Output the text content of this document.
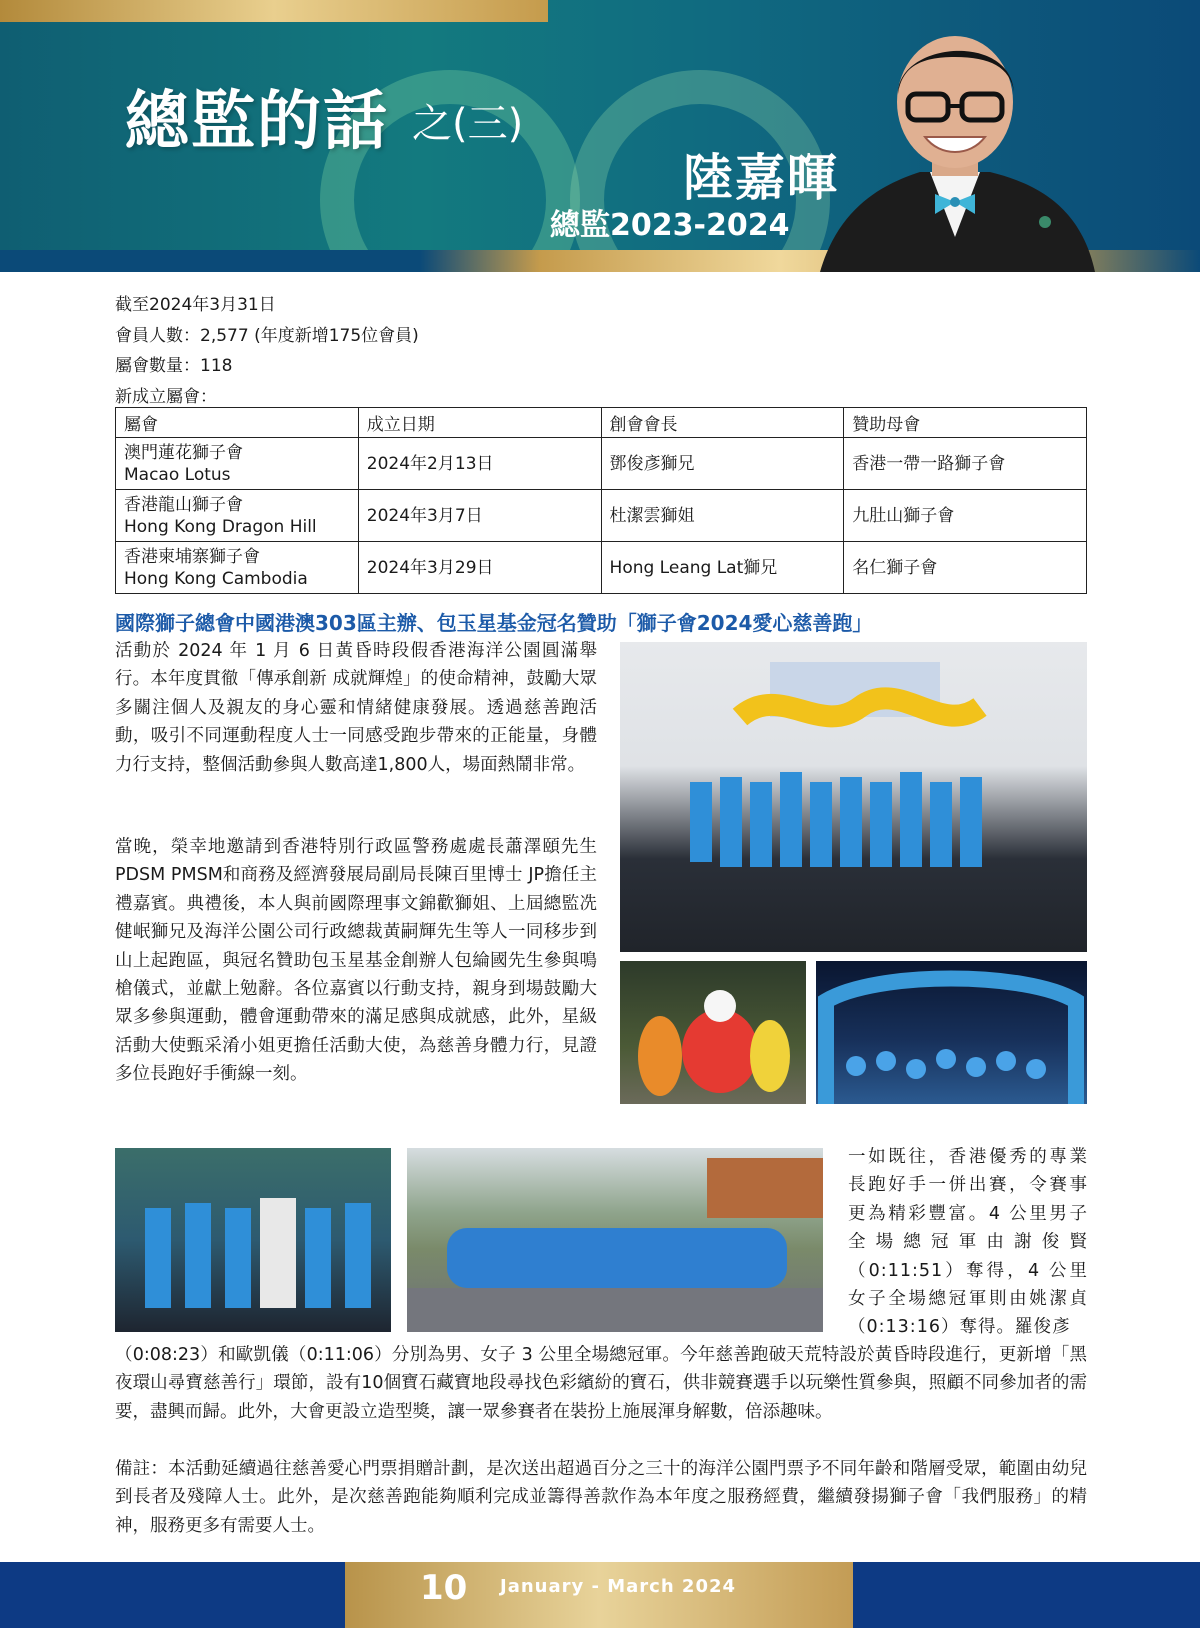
總監的話 之(三)
陸嘉暉
總監2023-2024
截至2024年3月31日
會員人數：2,577 (年度新增175位會員)
屬會數量：118
新成立屬會：
屬會	成立日期	創會會長	贊助母會

澳門蓮花獅子會
Macao Lotus	2024年2月13日	鄧俊彥獅兄	香港一帶一路獅子會

香港龍山獅子會
Hong Kong Dragon Hill	2024年3月7日	杜潔雲獅姐	九肚山獅子會

香港柬埔寨獅子會
Hong Kong Cambodia	2024年3月29日	Hong Leang Lat獅兄	名仁獅子會
國際獅子總會中國港澳303區主辦、包玉星基金冠名贊助「獅子會2024愛心慈善跑」
活動於 2024 年 1 月 6 日黃昏時段假香港海洋公園圓滿舉行。本年度貫徹「傳承創新 成就輝煌」的使命精神，鼓勵大眾多關注個人及親友的身心靈和情緒健康發展。透過慈善跑活動，吸引不同運動程度人士一同感受跑步帶來的正能量，身體力行支持，整個活動參與人數高達1,800人，場面熱鬧非常。
當晚，榮幸地邀請到香港特別行政區警務處處長蕭澤頤先生 PDSM PMSM和商務及經濟發展局副局長陳百里博士 JP擔任主禮嘉賓。典禮後，本人與前國際理事文錦歡獅姐、上屆總監冼健岷獅兄及海洋公園公司行政總裁黃嗣輝先生等人一同移步到山上起跑區，與冠名贊助包玉星基金創辦人包綸國先生參與鳴槍儀式，並獻上勉辭。各位嘉賓以行動支持，親身到場鼓勵大眾多參與運動，體會運動帶來的滿足感與成就感，此外，星級活動大使甄采淆小姐更擔任活動大使，為慈善身體力行，見證多位長跑好手衝線一刻。
一如既往，香港優秀的專業長跑好手一併出賽，令賽事更為精彩豐富。4 公里男子全場總冠軍由謝俊賢（0:11:51）奪得，4 公里女子全場總冠軍則由姚潔貞（0:13:16）奪得。羅俊彥
（0:08:23）和歐凱儀（0:11:06）分別為男、女子 3 公里全場總冠軍。今年慈善跑破天荒特設於黃昏時段進行，更新增「黑夜環山尋寶慈善行」環節，設有10個寶石藏寶地段尋找色彩繽紛的寶石，供非競賽選手以玩樂性質參與，照顧不同參加者的需要，盡興而歸。此外，大會更設立造型獎，讓一眾參賽者在裝扮上施展渾身解數，倍添趣味。
備註：本活動延續過往慈善愛心門票捐贈計劃，是次送出超過百分之三十的海洋公園門票予不同年齡和階層受眾，範圍由幼兒到長者及殘障人士。此外，是次慈善跑能夠順利完成並籌得善款作為本年度之服務經費，繼續發揚獅子會「我們服務」的精神，服務更多有需要人士。
10 January - March 2024
